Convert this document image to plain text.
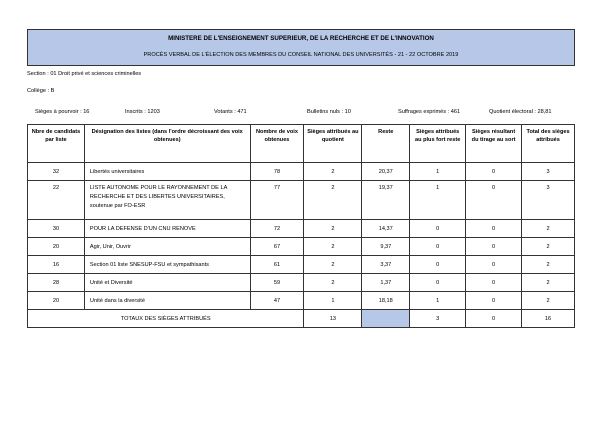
MINISTERE DE L'ENSEIGNEMENT SUPERIEUR, DE LA RECHERCHE ET DE L'INNOVATION
PROCÈS VERBAL DE L'ÉLECTION DES MEMBRES DU CONSEIL NATIONAL DES UNIVERSITÉS - 21 - 22 OCTOBRE 2019
Section : 01 Droit privé et sciences criminelles
Collège : B
Sièges à pourvoir : 16	Inscrits : 1203	Votants : 471	Bulletins nuls : 10	Suffrages exprimés : 461	Quotient électoral : 28,81
Nbre de candidats par liste	Désignation des listes (dans l'ordre décroissant des voix obtenues)	Nombre de voix obtenues	Sièges attribués au quotient	Reste	Sièges attribués au plus fort reste	Sièges résultant du tirage au sort	Total des sièges attribués
32	Libertés universitaires	78	2	20,37	1	0	3
22	LISTE AUTONOME POUR LE RAYONNEMENT DE LA RECHERCHE ET DES LIBERTES UNIVERSITAIRES, soutenue par FO-ESR	77	2	19,37	1	0	3
30	POUR LA DEFENSE D'UN CNU RENOVE	72	2	14,37	0	0	2
20	Agir, Unir, Ouvrir	67	2	9,37	0	0	2
16	Section 01 liste SNESUP-FSU et sympathisants	61	2	3,37	0	0	2
28	Unité et Diversité	59	2	1,37	0	0	2
20	Unité dans la diversité	47	1	18,18	1	0	2
TOTAUX DES SIÈGES ATTRIBUÉS			13		3	0	16
